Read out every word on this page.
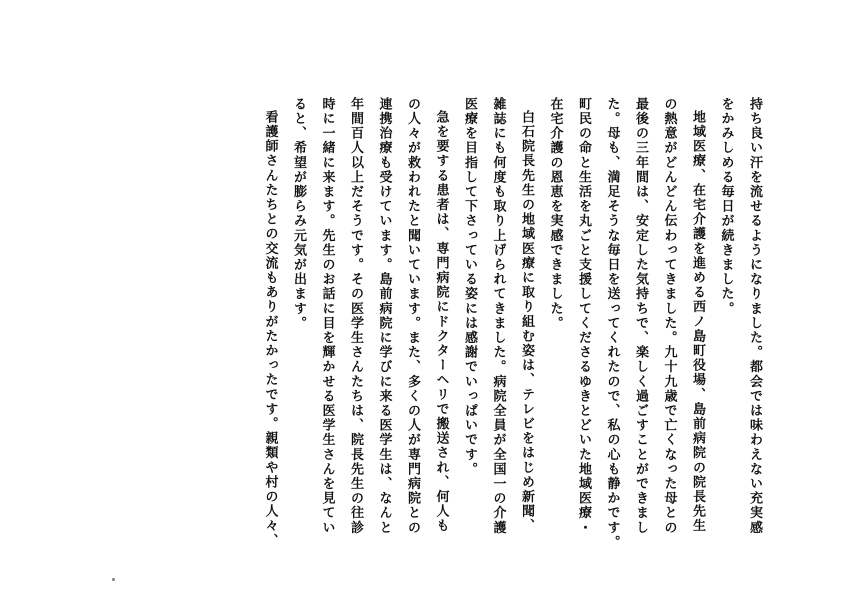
持ち良い汗を流せるようになりました。都会では味わえない充実感
をかみしめる毎日が続きました。
地域医療、在宅介護を進める西ノ島町役場、島前病院の院長先生
の熱意がどんどん伝わってきました。九十九歳で亡くなった母との
最後の三年間は、安定した気持ちで、楽しく過ごすことができまし
た。母も、満足そうな毎日を送ってくれたので、私の心も静かです。
町民の命と生活を丸ごと支援してくださるゆきとどいた地域医療・
在宅介護の恩恵を実感できました。
白石院長先生の地域医療に取り組む姿は、テレビをはじめ新聞、
雑誌にも何度も取り上げられてきました。病院全員が全国一の介護
医療を目指して下さっている姿には感謝でいっぱいです。
急を要する患者は、専門病院にドクターヘリで搬送され、何人も
の人々が救われたと聞いています。また、多くの人が専門病院との
連携治療も受けています。島前病院に学びに来る医学生は、なんと
年間百人以上だそうです。その医学生さんたちは、院長先生の往診
時に一緒に来ます。先生のお話に目を輝かせる医学生さんを見てい
ると、希望が膨らみ元気が出ます。
看護師さんたちとの交流もありがたかったです。親類や村の人々、
